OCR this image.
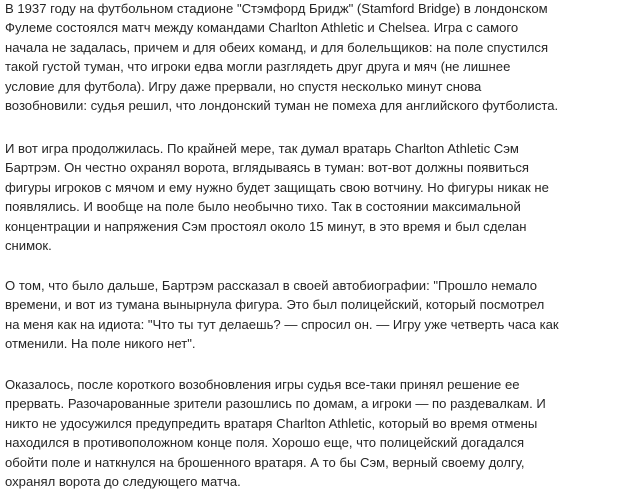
В 1937 году на футбольном стадионе "Стэмфорд Бридж" (Stamford Bridge) в лондонском
Фулеме состоялся матч между командами Charlton Athletic и Chelsea. Игра с самого
начала не задалась, причем и для обеих команд, и для болельщиков: на поле спустился
такой густой туман, что игроки едва могли разглядеть друг друга и мяч (не лишнее
условие для футбола). Игру даже прервали, но спустя несколько минут снова
возобновили: судья решил, что лондонский туман не помеха для английского футболиста.

И вот игра продолжилась. По крайней мере, так думал вратарь Charlton Athletic Сэм
Бартрэм. Он честно охранял ворота, вглядываясь в туман: вот-вот должны появиться
фигуры игроков с мячом и ему нужно будет защищать свою вотчину. Но фигуры никак не
появлялись. И вообще на поле было необычно тихо. Так в состоянии максимальной
концентрации и напряжения Сэм простоял около 15 минут, в это время и был сделан
снимок.

О том, что было дальше, Бартрэм рассказал в своей автобиографии: "Прошло немало
времени, и вот из тумана вынырнула фигура. Это был полицейский, который посмотрел
на меня как на идиота: "Что ты тут делаешь? — спросил он. — Игру уже четверть часа как
отменили. На поле никого нет".

Оказалось, после короткого возобновления игры судья все-таки принял решение ее
прервать. Разочарованные зрители разошлись по домам, а игроки — по раздевалкам. И
никто не удосужился предупредить вратаря Charlton Athletic, который во время отмены
находился в противоположном конце поля. Хорошо еще, что полицейский догадался
обойти поле и наткнулся на брошенного вратаря. А то бы Сэм, верный своему долгу,
охранял ворота до следующего матча.
